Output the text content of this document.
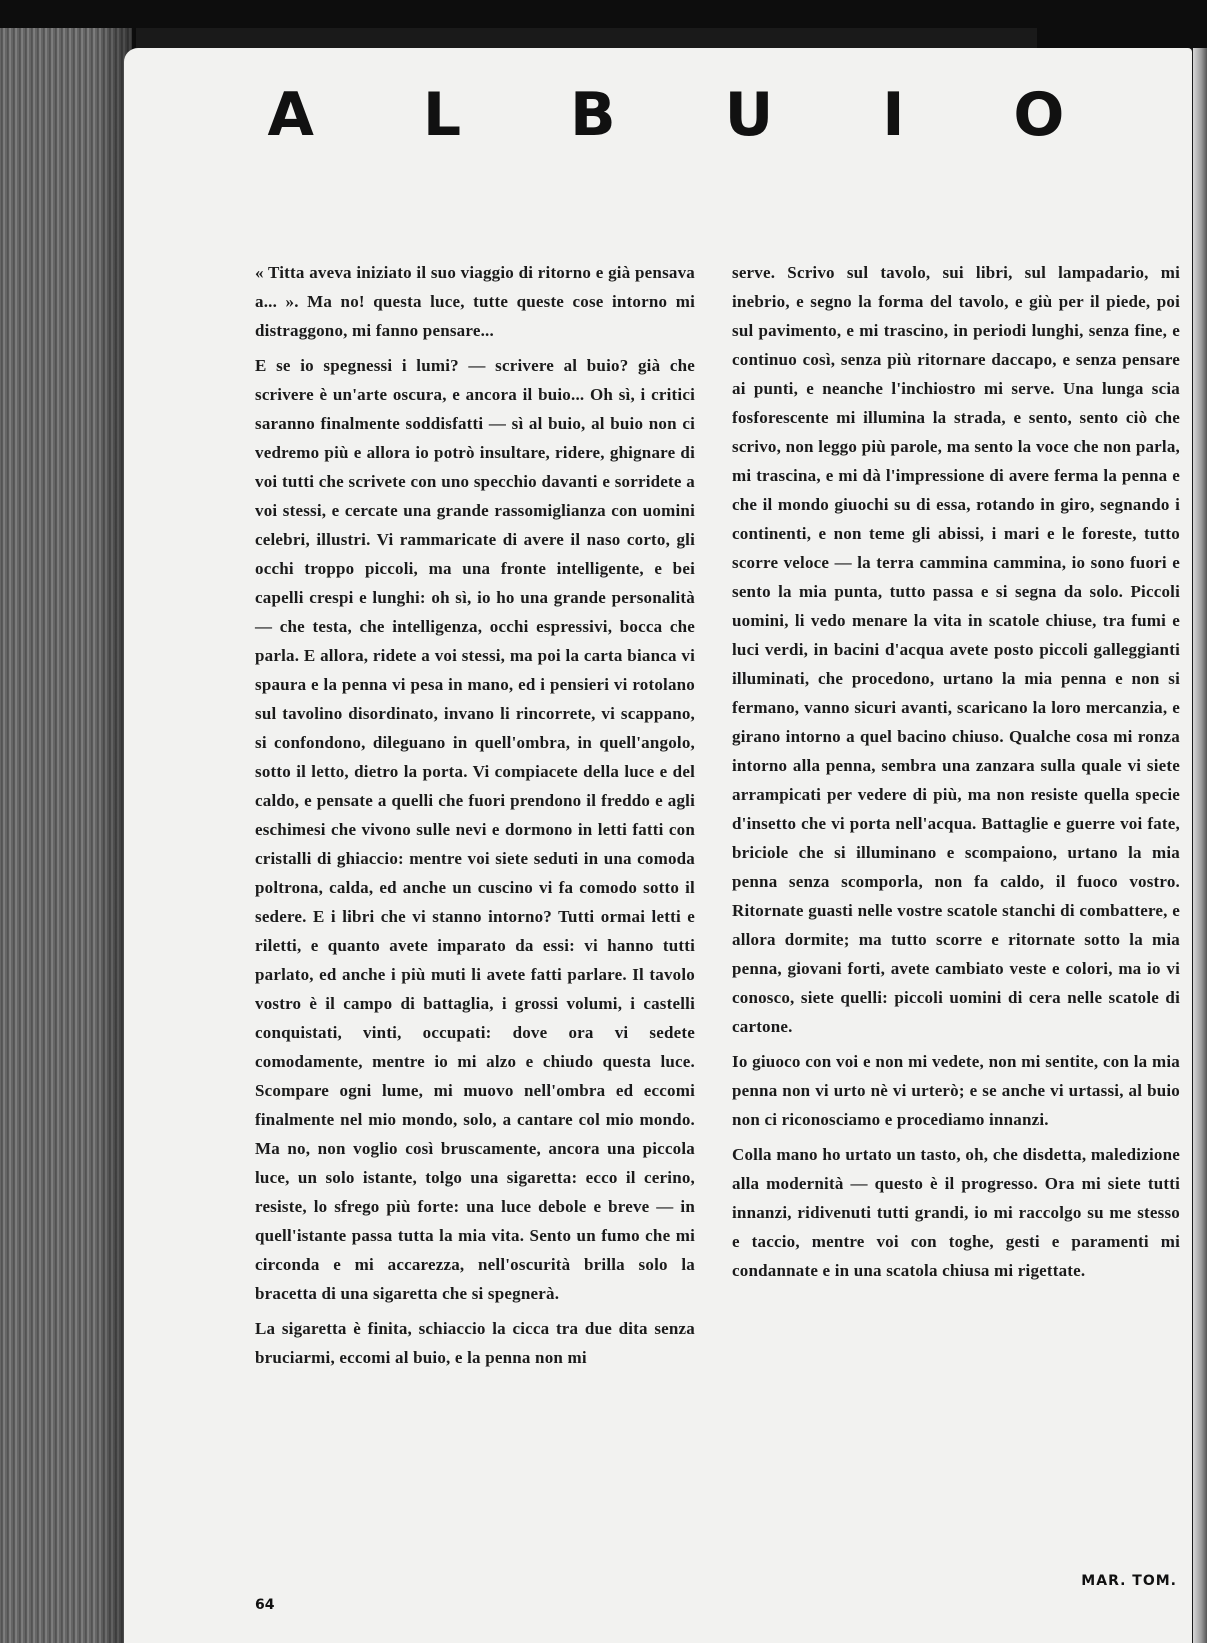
A L B U I O

« Titta aveva iniziato il suo viaggio di ritorno e già pensava a... ». Ma no! questa luce, tutte queste cose intorno mi distraggono, mi fanno pensare...

E se io spegnessi i lumi? — scrivere al buio? già che scrivere è un'arte oscura, e ancora il buio... Oh sì, i critici saranno finalmente soddisfatti — sì al buio, al buio non ci vedremo più e allora io potrò insultare, ridere, ghignare di voi tutti che scrivete con uno specchio davanti e sorridete a voi stessi, e cercate una grande rassomiglianza con uomini celebri, illustri. Vi rammaricate di avere il naso corto, gli occhi troppo piccoli, ma una fronte intelligente, e bei capelli crespi e lunghi: oh sì, io ho una grande personalità — che testa, che intelligenza, occhi espressivi, bocca che parla. E allora, ridete a voi stessi, ma poi la carta bianca vi spaura e la penna vi pesa in mano, ed i pensieri vi rotolano sul tavolino disordinato, invano li rincorrete, vi scappano, si confondono, dileguano in quell'ombra, in quell'angolo, sotto il letto, dietro la porta. Vi compiacete della luce e del caldo, e pensate a quelli che fuori prendono il freddo e agli eschimesi che vivono sulle nevi e dormono in letti fatti con cristalli di ghiaccio: mentre voi siete seduti in una comoda poltrona, calda, ed anche un cuscino vi fa comodo sotto il sedere. E i libri che vi stanno intorno? Tutti ormai letti e riletti, e quanto avete imparato da essi: vi hanno tutti parlato, ed anche i più muti li avete fatti parlare. Il tavolo vostro è il campo di battaglia, i grossi volumi, i castelli conquistati, vinti, occupati: dove ora vi sedete comodamente, mentre io mi alzo e chiudo questa luce. Scompare ogni lume, mi muovo nell'ombra ed eccomi finalmente nel mio mondo, solo, a cantare col mio mondo. Ma no, non voglio così bruscamente, ancora una piccola luce, un solo istante, tolgo una sigaretta: ecco il cerino, resiste, lo sfrego più forte: una luce debole e breve — in quell'istante passa tutta la mia vita. Sento un fumo che mi circonda e mi accarezza, nell'oscurità brilla solo la bracetta di una sigaretta che si spegnerà.

La sigaretta è finita, schiaccio la cicca tra due dita senza bruciarmi, eccomi al buio, e la penna non mi

serve. Scrivo sul tavolo, sui libri, sul lampadario, mi inebrio, e segno la forma del tavolo, e giù per il piede, poi sul pavimento, e mi trascino, in periodi lunghi, senza fine, e continuo così, senza più ritornare daccapo, e senza pensare ai punti, e neanche l'inchiostro mi serve. Una lunga scia fosforescente mi illumina la strada, e sento, sento ciò che scrivo, non leggo più parole, ma sento la voce che non parla, mi trascina, e mi dà l'impressione di avere ferma la penna e che il mondo giuochi su di essa, rotando in giro, segnando i continenti, e non teme gli abissi, i mari e le foreste, tutto scorre veloce — la terra cammina cammina, io sono fuori e sento la mia punta, tutto passa e si segna da solo. Piccoli uomini, li vedo menare la vita in scatole chiuse, tra fumi e luci verdi, in bacini d'acqua avete posto piccoli galleggianti illuminati, che procedono, urtano la mia penna e non si fermano, vanno sicuri avanti, scaricano la loro mercanzia, e girano intorno a quel bacino chiuso. Qualche cosa mi ronza intorno alla penna, sembra una zanzara sulla quale vi siete arrampicati per vedere di più, ma non resiste quella specie d'insetto che vi porta nell'acqua. Battaglie e guerre voi fate, briciole che si illuminano e scompaiono, urtano la mia penna senza scomporla, non fa caldo, il fuoco vostro. Ritornate guasti nelle vostre scatole stanchi di combattere, e allora dormite; ma tutto scorre e ritornate sotto la mia penna, giovani forti, avete cambiato veste e colori, ma io vi conosco, siete quelli: piccoli uomini di cera nelle scatole di cartone.

Io giuoco con voi e non mi vedete, non mi sentite, con la mia penna non vi urto nè vi urterò; e se anche vi urtassi, al buio non ci riconosciamo e procediamo innanzi.

Colla mano ho urtato un tasto, oh, che disdetta, maledizione alla modernità — questo è il progresso. Ora mi siete tutti innanzi, ridivenuti tutti grandi, io mi raccolgo su me stesso e taccio, mentre voi con toghe, gesti e paramenti mi condannate e in una scatola chiusa mi rigettate.

MAR. TOM.
64
